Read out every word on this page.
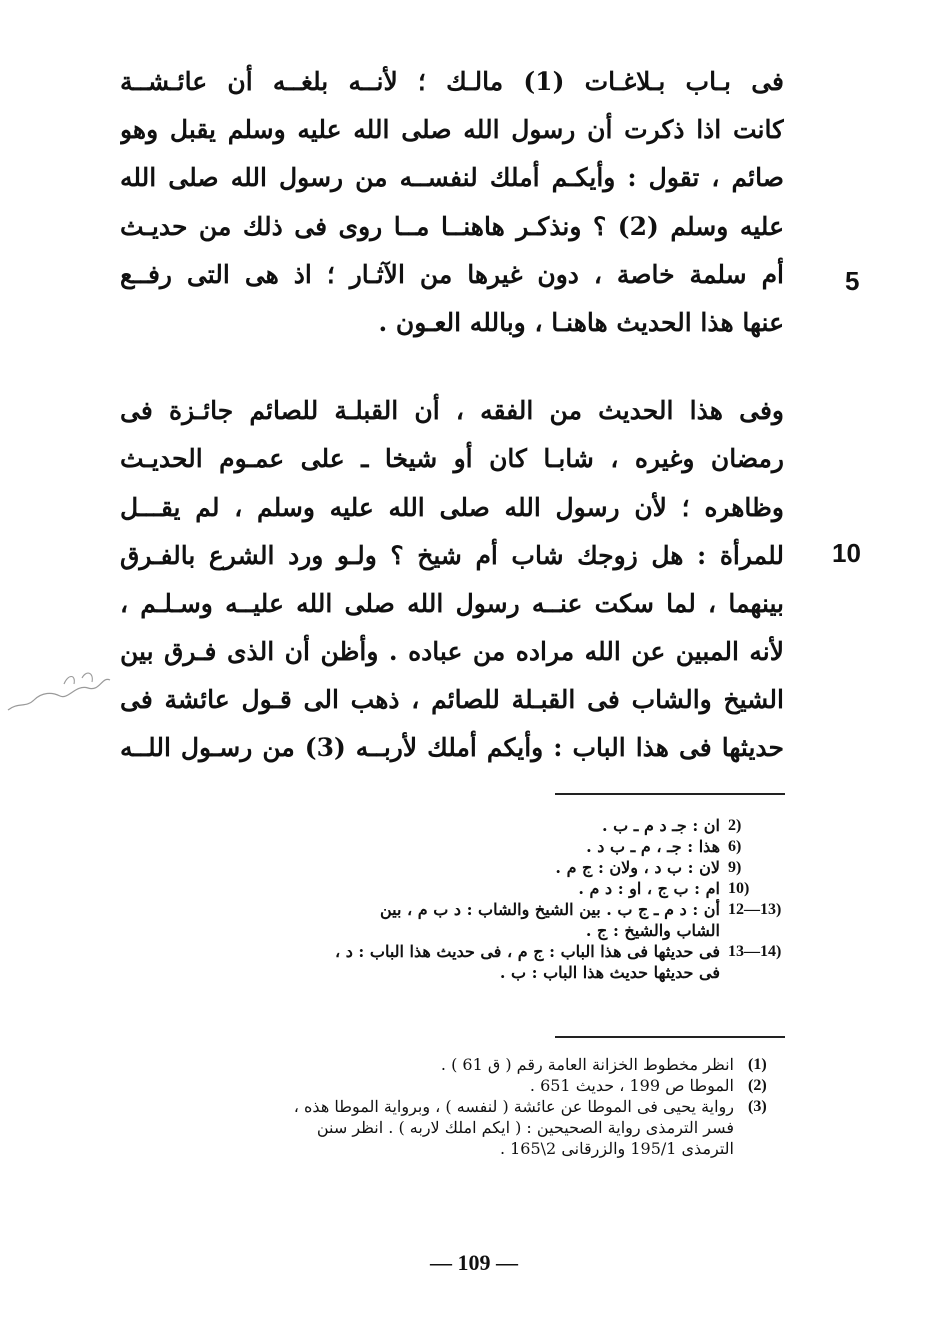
فى بـاب بـلاغـات (1) مالـك ؛ لأنــه بلغــه أن عائـشــة
كانت اذا ذكرت أن رسول الله صلى الله عليه وسلم يقبل وهو
صائم ، تقول : وأيكـم أملك لنفســه من رسول الله صلى الله
عليه وسلم (2) ؟ ونذكـر هاهنــا مــا روى فى ذلك من حديـث
أم سلمة خاصة ، دون غيرها من الآثـار ؛ اذ هى التى رفــع
عنها هذا الحديث هاهنـا ، وبالله العـون .
وفى هذا الحديث من الفقه ، أن القبلـة للصائم جائـزة فى
رمضان وغيره ، شابـا كان أو شيخا ـ على عمـوم الحديـث
وظاهره ؛ لأن رسول الله صلى الله عليه وسلم ، لم يقـــل
للمرأة : هل زوجك شاب أم شيخ ؟ ولـو ورد الشرع بالفـرق
بينهما ، لما سكت عنــه رسول الله صلى الله عليــه وسـلـم ،
لأنه المبين عن الله مراده من عباده . وأظن أن الذى فـرق بين
الشيخ والشاب فى القبـلة للصائم ، ذهب الى قـول عائشة فى
حديثها فى هذا الباب : وأيكم أملك لأربــه (3) من رسـول اللــه
5
10
2)
ان : جـ د م ـ ب .
6)
هذا : جـ ، م ـ ب د .
9)
لان : ب د ، ولان : ج م .
10)
ام : ب ج ، او : د م .
12—13)
أن : د م ـ ج ب . بين الشيخ والشاب : د ب م ، بين
الشاب والشيخ : ج .
13—14)
فى حديثها فى هذا الباب : ج م ، فى حديث هذا الباب : د ،
فى حديثها حديث هذا الباب : ب .
(1)
انظر مخطوط الخزانة العامة رقم ( ق 61 ) .
(2)
الموطا ص 199 ، حديث 651 .
(3)
رواية يحيى فى الموطا عن عائشة ( لنفسه ) ، وبرواية الموطا هذه ،
فسر الترمذى رواية الصحيحين : ( ايكم املك لاربه ) . انظر سنن
الترمذى 195/1 والزرقانى 2\165 .
— 109 —
